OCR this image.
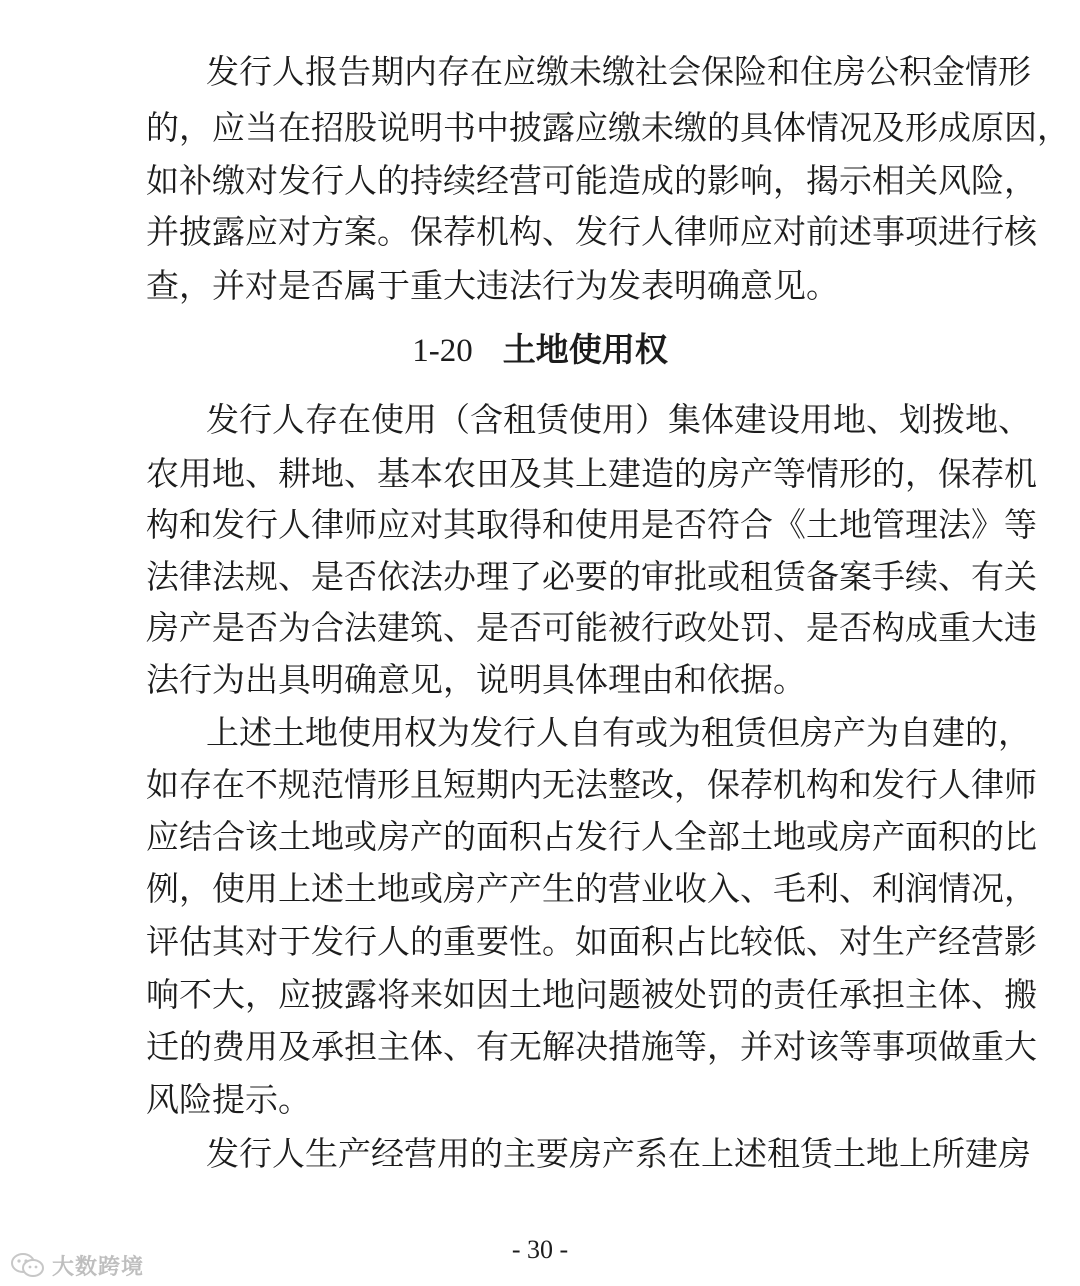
发行人报告期内存在应缴未缴社会保险和住房公积金情形
的，应当在招股说明书中披露应缴未缴的具体情况及形成原因，
如补缴对发行人的持续经营可能造成的影响，揭示相关风险，
并披露应对方案。保荐机构、发行人律师应对前述事项进行核
查，并对是否属于重大违法行为发表明确意见。
1-20 土地使用权
发行人存在使用（含租赁使用）集体建设用地、划拨地、
农用地、耕地、基本农田及其上建造的房产等情形的，保荐机
构和发行人律师应对其取得和使用是否符合《土地管理法》等
法律法规、是否依法办理了必要的审批或租赁备案手续、有关
房产是否为合法建筑、是否可能被行政处罚、是否构成重大违
法行为出具明确意见，说明具体理由和依据。
上述土地使用权为发行人自有或为租赁但房产为自建的，
如存在不规范情形且短期内无法整改，保荐机构和发行人律师
应结合该土地或房产的面积占发行人全部土地或房产面积的比
例，使用上述土地或房产产生的营业收入、毛利、利润情况，
评估其对于发行人的重要性。如面积占比较低、对生产经营影
响不大，应披露将来如因土地问题被处罚的责任承担主体、搬
迁的费用及承担主体、有无解决措施等，并对该等事项做重大
风险提示。
发行人生产经营用的主要房产系在上述租赁土地上所建房
- 30 -
大数跨境
